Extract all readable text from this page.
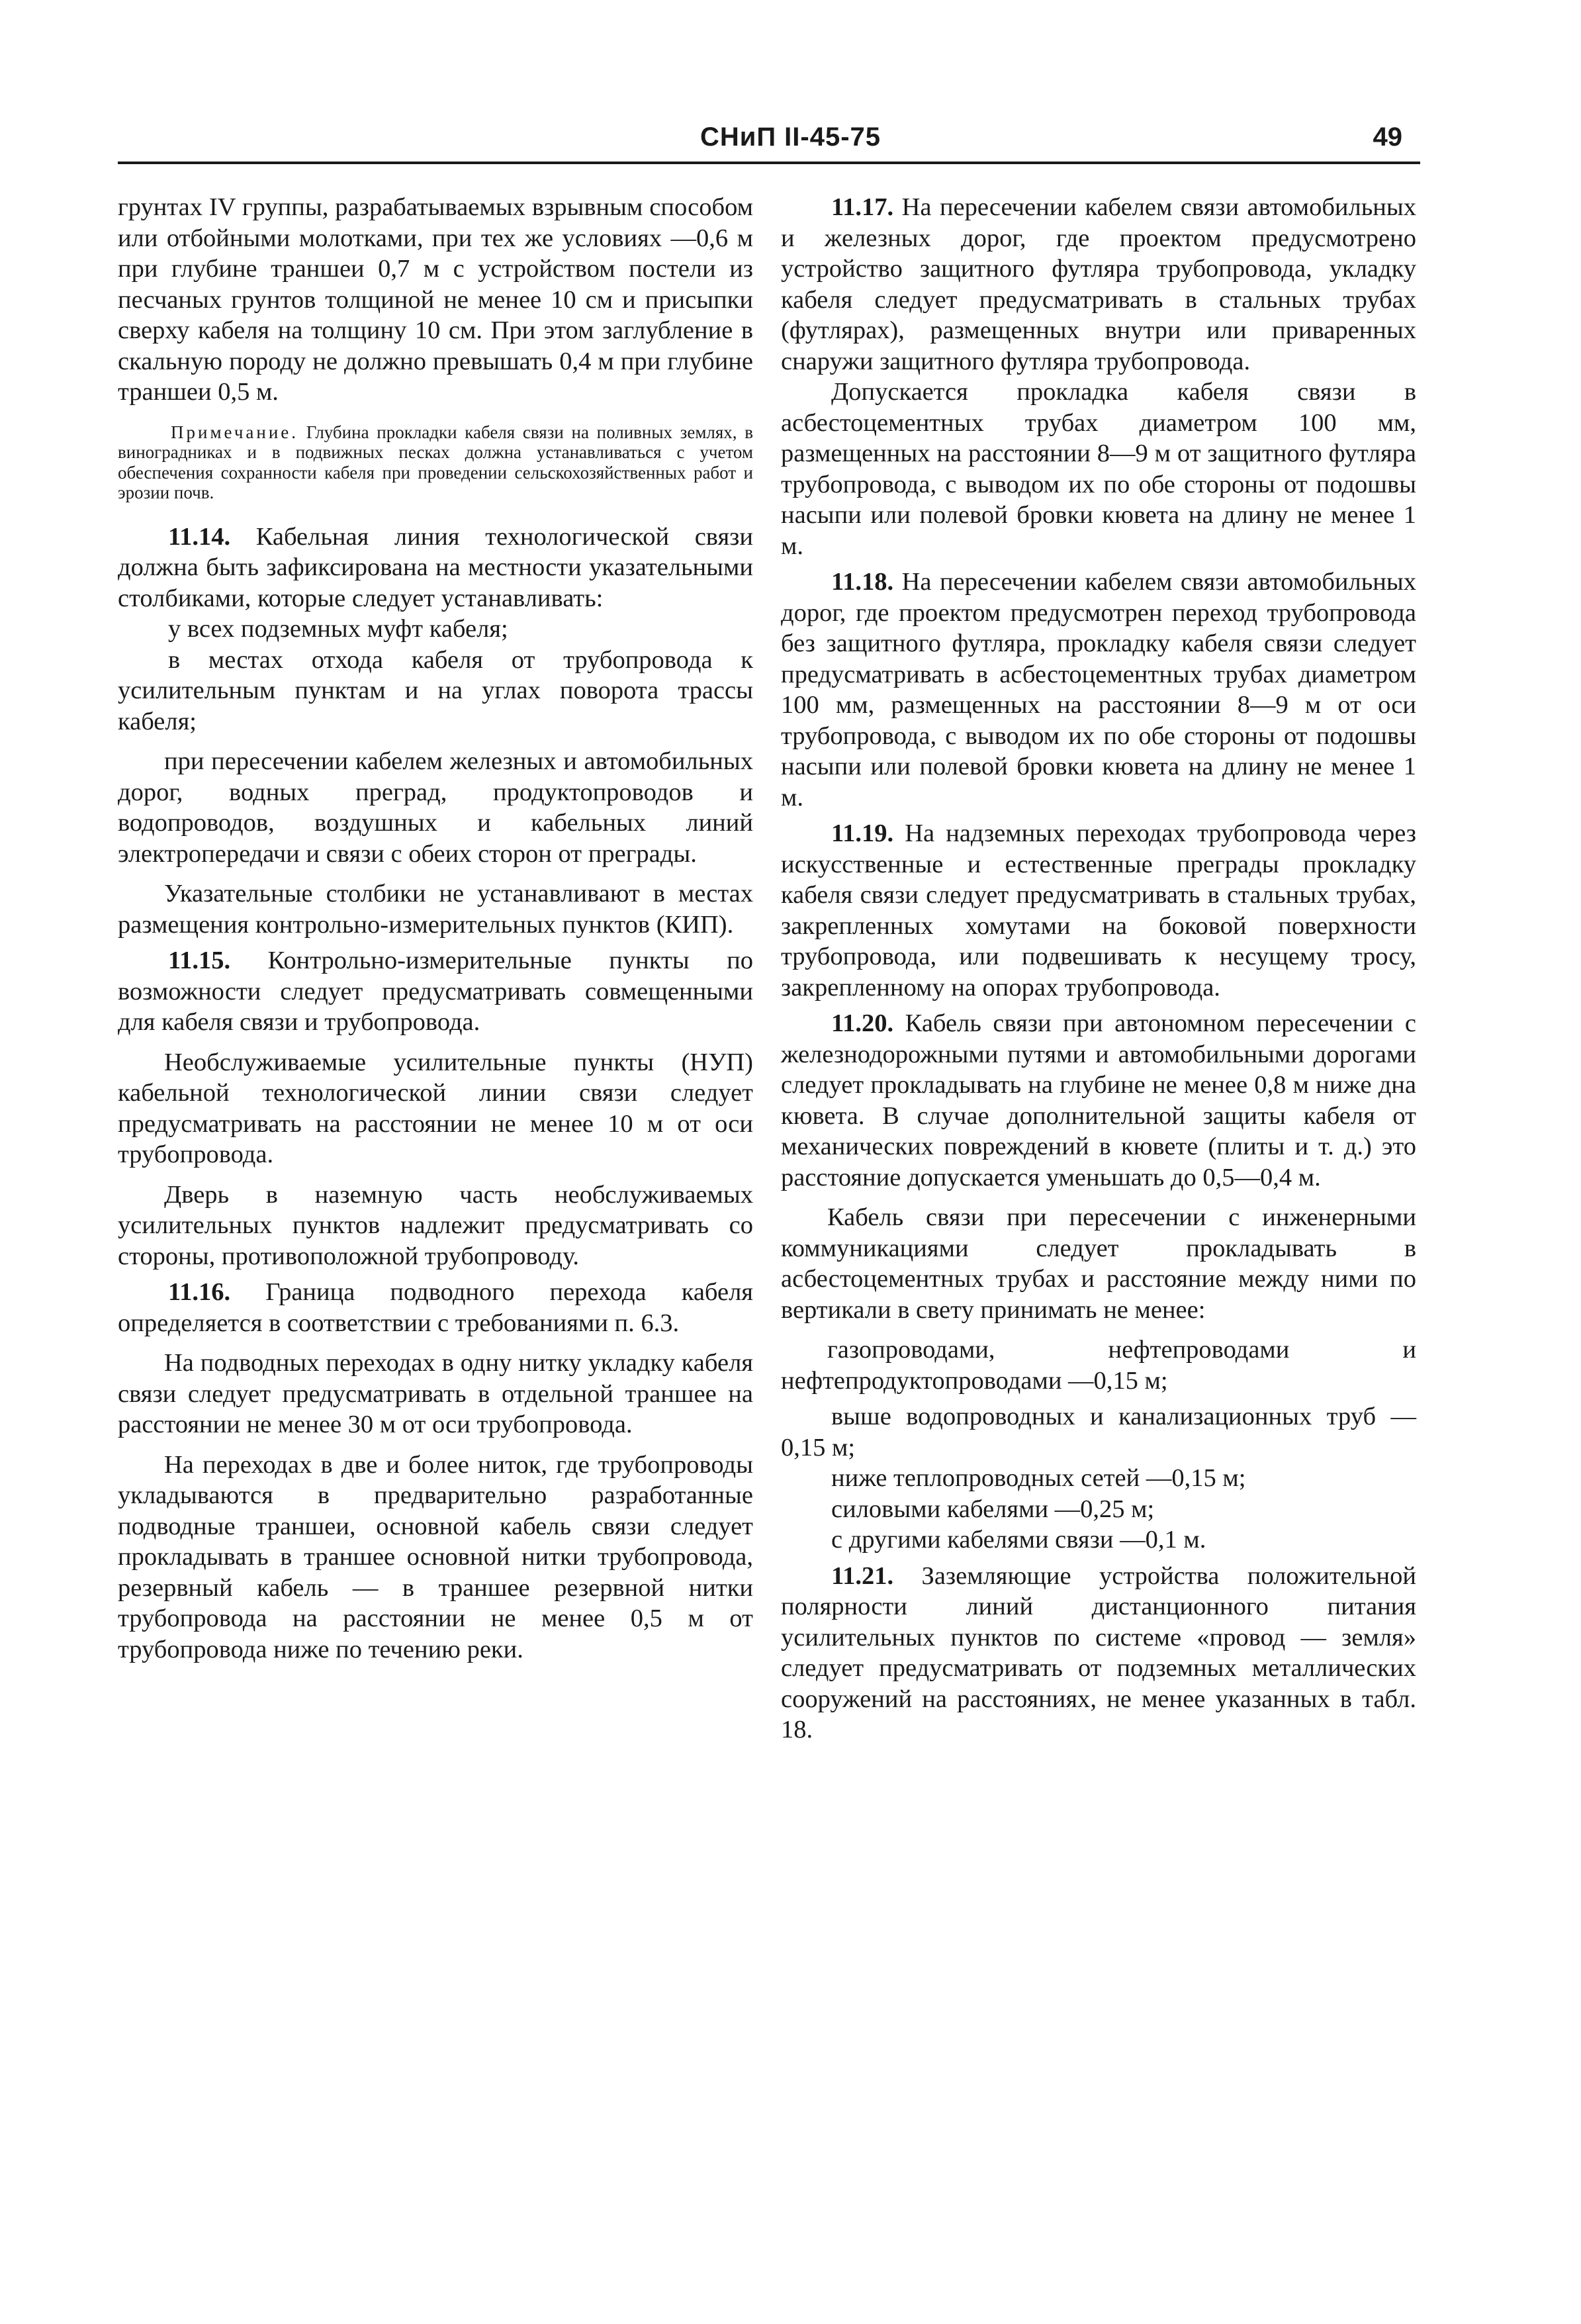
СНиП II-45-75	49

грунтах IV группы, разрабатываемых взрывным способом или отбойными молотками, при тех же условиях —0,6 м при глубине траншеи 0,7 м с устройством постели из песчаных грунтов толщиной не менее 10 см и присыпки сверху кабеля на толщину 10 см. При этом заглубление в скальную породу не должно превышать 0,4 м при глубине траншеи 0,5 м.

Примечание. Глубина прокладки кабеля связи на поливных землях, в виноградниках и в подвижных песках должна устанавливаться с учетом обеспечения сохранности кабеля при проведении сельскохозяйственных работ и эрозии почв.

11.14. Кабельная линия технологической связи должна быть зафиксирована на местности указательными столбиками, которые следует устанавливать:

у всех подземных муфт кабеля;

в местах отхода кабеля от трубопровода к усилительным пунктам и на углах поворота трассы кабеля;

при пересечении кабелем железных и автомобильных дорог, водных преград, продуктопроводов и водопроводов, воздушных и кабельных линий электропередачи и связи с обеих сторон от преграды.

Указательные столбики не устанавливают в местах размещения контрольно-измерительных пунктов (КИП).

11.15. Контрольно-измерительные пункты по возможности следует предусматривать совмещенными для кабеля связи и трубопровода.

Необслуживаемые усилительные пункты (НУП) кабельной технологической линии связи следует предусматривать на расстоянии не менее 10 м от оси трубопровода.

Дверь в наземную часть необслуживаемых усилительных пунктов надлежит предусматривать со стороны, противоположной трубопроводу.

11.16. Граница подводного перехода кабеля определяется в соответствии с требованиями п. 6.3.

На подводных переходах в одну нитку укладку кабеля связи следует предусматривать в отдельной траншее на расстоянии не менее 30 м от оси трубопровода.

На переходах в две и более ниток, где трубопроводы укладываются в предварительно разработанные подводные траншеи, основной кабель связи следует прокладывать в траншее основной нитки трубопровода, резервный кабель — в траншее резервной нитки трубопровода на расстоянии не менее 0,5 м от трубопровода ниже по течению реки.

11.17. На пересечении кабелем связи автомобильных и железных дорог, где проектом предусмотрено устройство защитного футляра трубопровода, укладку кабеля следует предусматривать в стальных трубах (футлярах), размещенных внутри или приваренных снаружи защитного футляра трубопровода.

Допускается прокладка кабеля связи в асбестоцементных трубах диаметром 100 мм, размещенных на расстоянии 8—9 м от защитного футляра трубопровода, с выводом их по обе стороны от подошвы насыпи или полевой бровки кювета на длину не менее 1 м.

11.18. На пересечении кабелем связи автомобильных дорог, где проектом предусмотрен переход трубопровода без защитного футляра, прокладку кабеля связи следует предусматривать в асбестоцементных трубах диаметром 100 мм, размещенных на расстоянии 8—9 м от оси трубопровода, с выводом их по обе стороны от подошвы насыпи или полевой бровки кювета на длину не менее 1 м.

11.19. На надземных переходах трубопровода через искусственные и естественные преграды прокладку кабеля связи следует предусматривать в стальных трубах, закрепленных хомутами на боковой поверхности трубопровода, или подвешивать к несущему тросу, закрепленному на опорах трубопровода.

11.20. Кабель связи при автономном пересечении с железнодорожными путями и автомобильными дорогами следует прокладывать на глубине не менее 0,8 м ниже дна кювета. В случае дополнительной защиты кабеля от механических повреждений в кювете (плиты и т. д.) это расстояние допускается уменьшать до 0,5—0,4 м.

Кабель связи при пересечении с инженерными коммуникациями следует прокладывать в асбестоцементных трубах и расстояние между ними по вертикали в свету принимать не менее:

газопроводами, нефтепроводами и нефтепродуктопроводами —0,15 м;

выше водопроводных и канализационных труб —0,15 м;

ниже теплопроводных сетей —0,15 м;

силовыми кабелями —0,25 м;

с другими кабелями связи —0,1 м.

11.21. Заземляющие устройства положительной полярности линий дистанционного питания усилительных пунктов по системе «провод — земля» следует предусматривать от подземных металлических сооружений на расстояниях, не менее указанных в табл. 18.
